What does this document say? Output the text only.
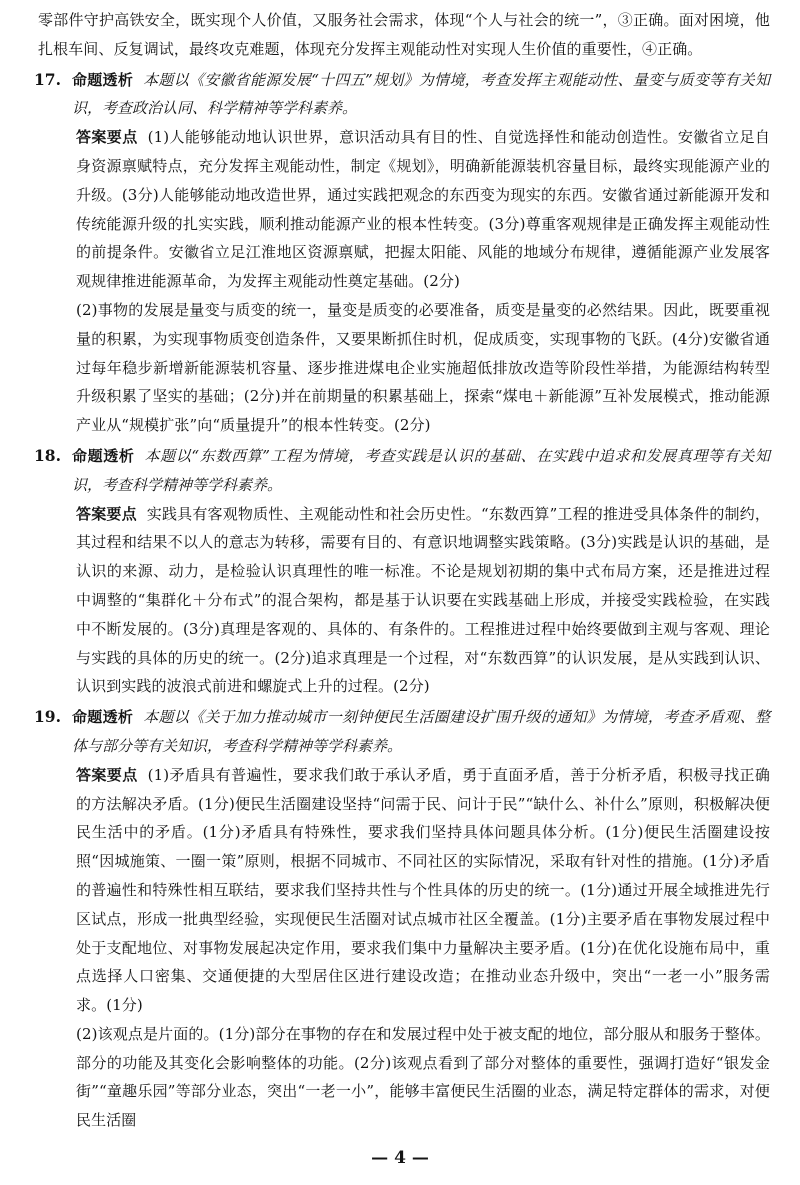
零部件守护高铁安全，既实现个人价值，又服务社会需求，体现“个人与社会的统一”，③正确。面对困境，他扎根车间、反复调试，最终攻克难题，体现充分发挥主观能动性对实现人生价值的重要性，④正确。

17. 命题透析 本题以《安徽省能源发展“十四五”规划》为情境，考查发挥主观能动性、量变与质变等有关知识，考查政治认同、科学精神等学科素养。

答案要点 (1)人能够能动地认识世界，意识活动具有目的性、自觉选择性和能动创造性。安徽省立足自身资源禀赋特点，充分发挥主观能动性，制定《规划》，明确新能源装机容量目标，最终实现能源产业的升级。(3分)人能够能动地改造世界，通过实践把观念的东西变为现实的东西。安徽省通过新能源开发和传统能源升级的扎实实践，顺利推动能源产业的根本性转变。(3分)尊重客观规律是正确发挥主观能动性的前提条件。安徽省立足江淮地区资源禀赋，把握太阳能、风能的地域分布规律，遵循能源产业发展客观规律推进能源革命，为发挥主观能动性奠定基础。(2分)

(2)事物的发展是量变与质变的统一，量变是质变的必要准备，质变是量变的必然结果。因此，既要重视量的积累，为实现事物质变创造条件，又要果断抓住时机，促成质变，实现事物的飞跃。(4分)安徽省通过每年稳步新增新能源装机容量、逐步推进煤电企业实施超低排放改造等阶段性举措，为能源结构转型升级积累了坚实的基础；(2分)并在前期量的积累基础上，探索“煤电＋新能源”互补发展模式，推动能源产业从“规模扩张”向“质量提升”的根本性转变。(2分)

18. 命题透析 本题以“东数西算”工程为情境，考查实践是认识的基础、在实践中追求和发展真理等有关知识，考查科学精神等学科素养。

答案要点 实践具有客观物质性、主观能动性和社会历史性。“东数西算”工程的推进受具体条件的制约，其过程和结果不以人的意志为转移，需要有目的、有意识地调整实践策略。(3分)实践是认识的基础，是认识的来源、动力，是检验认识真理性的唯一标准。不论是规划初期的集中式布局方案，还是推进过程中调整的“集群化＋分布式”的混合架构，都是基于认识要在实践基础上形成，并接受实践检验，在实践中不断发展的。(3分)真理是客观的、具体的、有条件的。工程推进过程中始终要做到主观与客观、理论与实践的具体的历史的统一。(2分)追求真理是一个过程，对“东数西算”的认识发展，是从实践到认识、认识到实践的波浪式前进和螺旋式上升的过程。(2分)

19. 命题透析 本题以《关于加力推动城市一刻钟便民生活圈建设扩围升级的通知》为情境，考查矛盾观、整体与部分等有关知识，考查科学精神等学科素养。

答案要点 (1)矛盾具有普遍性，要求我们敢于承认矛盾，勇于直面矛盾，善于分析矛盾，积极寻找正确的方法解决矛盾。(1分)便民生活圈建设坚持“问需于民、问计于民”“缺什么、补什么”原则，积极解决便民生活中的矛盾。(1分)矛盾具有特殊性，要求我们坚持具体问题具体分析。(1分)便民生活圈建设按照“因城施策、一圈一策”原则，根据不同城市、不同社区的实际情况，采取有针对性的措施。(1分)矛盾的普遍性和特殊性相互联结，要求我们坚持共性与个性具体的历史的统一。(1分)通过开展全域推进先行区试点，形成一批典型经验，实现便民生活圈对试点城市社区全覆盖。(1分)主要矛盾在事物发展过程中处于支配地位、对事物发展起决定作用，要求我们集中力量解决主要矛盾。(1分)在优化设施布局中，重点选择人口密集、交通便捷的大型居住区进行建设改造；在推动业态升级中，突出“一老一小”服务需求。(1分)

(2)该观点是片面的。(1分)部分在事物的存在和发展过程中处于被支配的地位，部分服从和服务于整体。部分的功能及其变化会影响整体的功能。(2分)该观点看到了部分对整体的重要性，强调打造好“银发金街”“童趣乐园”等部分业态，突出“一老一小”，能够丰富便民生活圈的业态，满足特定群体的需求，对便民生活圈

— 4 —
